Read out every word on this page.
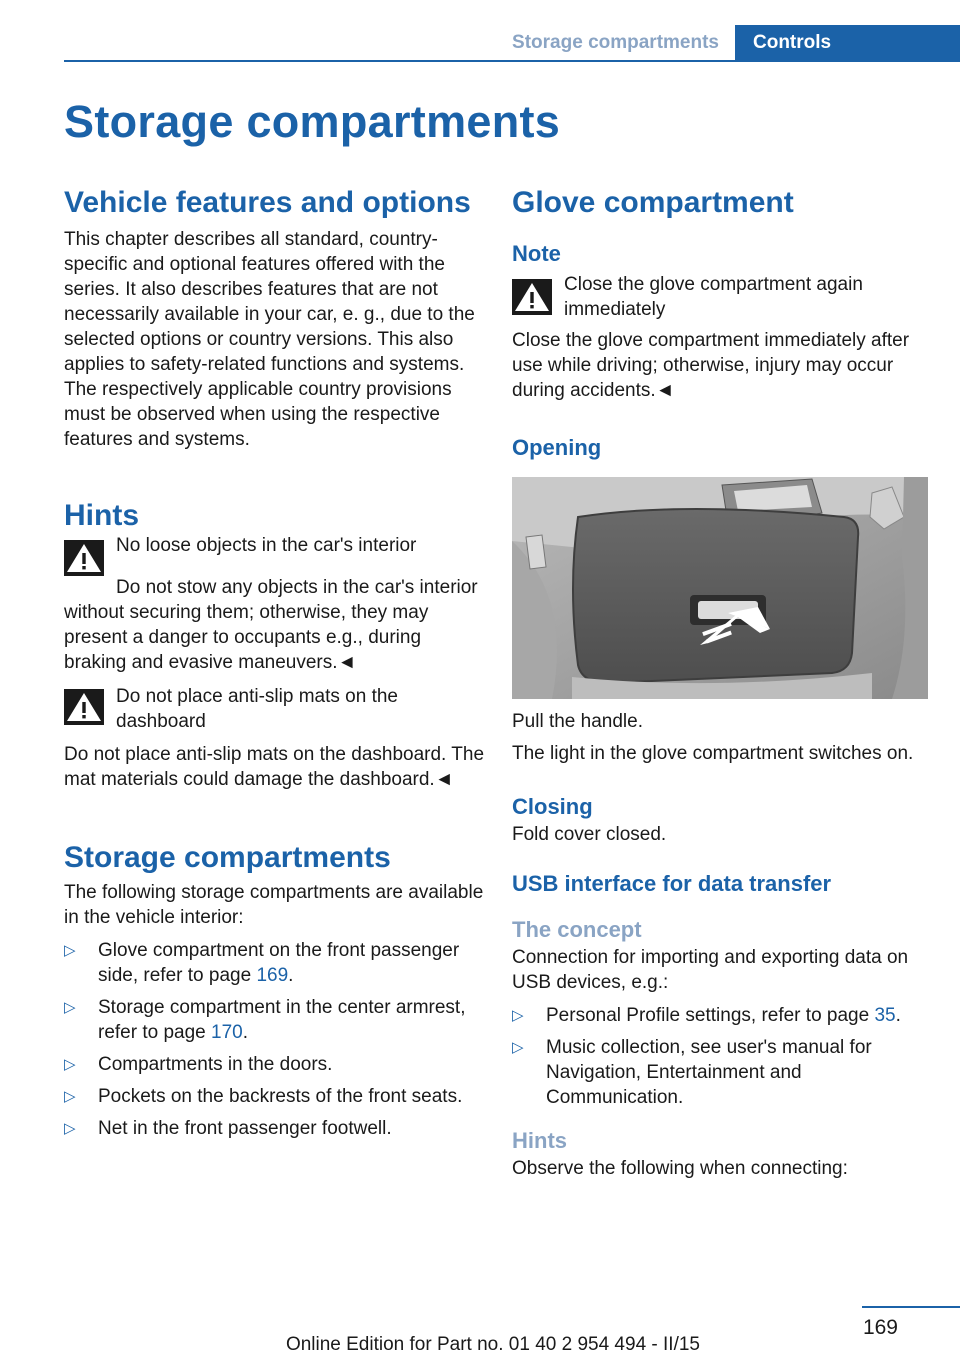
Storage compartments	Controls
Storage compartments
Vehicle features and options

This chapter describes all standard, country-specific and optional features offered with the series. It also describes features that are not necessarily available in your car, e. g., due to the selected options or country versions. This also applies to safety-related functions and systems. The respectively applicable country provisions must be observed when using the respective features and systems.

Hints
No loose objects in the car's interior

Do not stow any objects in the car's interior without securing them; otherwise, they may present a danger to occupants e.g., during braking and evasive maneuvers.◄

Do not place anti-slip mats on the dashboard

Do not place anti-slip mats on the dashboard. The mat materials could damage the dashboard.◄

Storage compartments

The following storage compartments are available in the vehicle interior:

▷	Glove compartment on the front passenger side, refer to page 169.
▷	Storage compartment in the center armrest, refer to page 170.
▷	Compartments in the doors.
▷	Pockets on the backrests of the front seats.
▷	Net in the front passenger footwell.
Glove compartment
Note
Close the glove compartment again immediately

Close the glove compartment immediately after use while driving; otherwise, injury may occur during accidents.◄

Opening

Pull the handle.

The light in the glove compartment switches on.

Closing

Fold cover closed.

USB interface for data transfer
The concept

Connection for importing and exporting data on USB devices, e.g.:

▷	Personal Profile settings, refer to page 35.
▷	Music collection, see user's manual for Navigation, Entertainment and Communication.
Hints

Observe the following when connecting:

169
Online Edition for Part no. 01 40 2 954 494 - II/15
